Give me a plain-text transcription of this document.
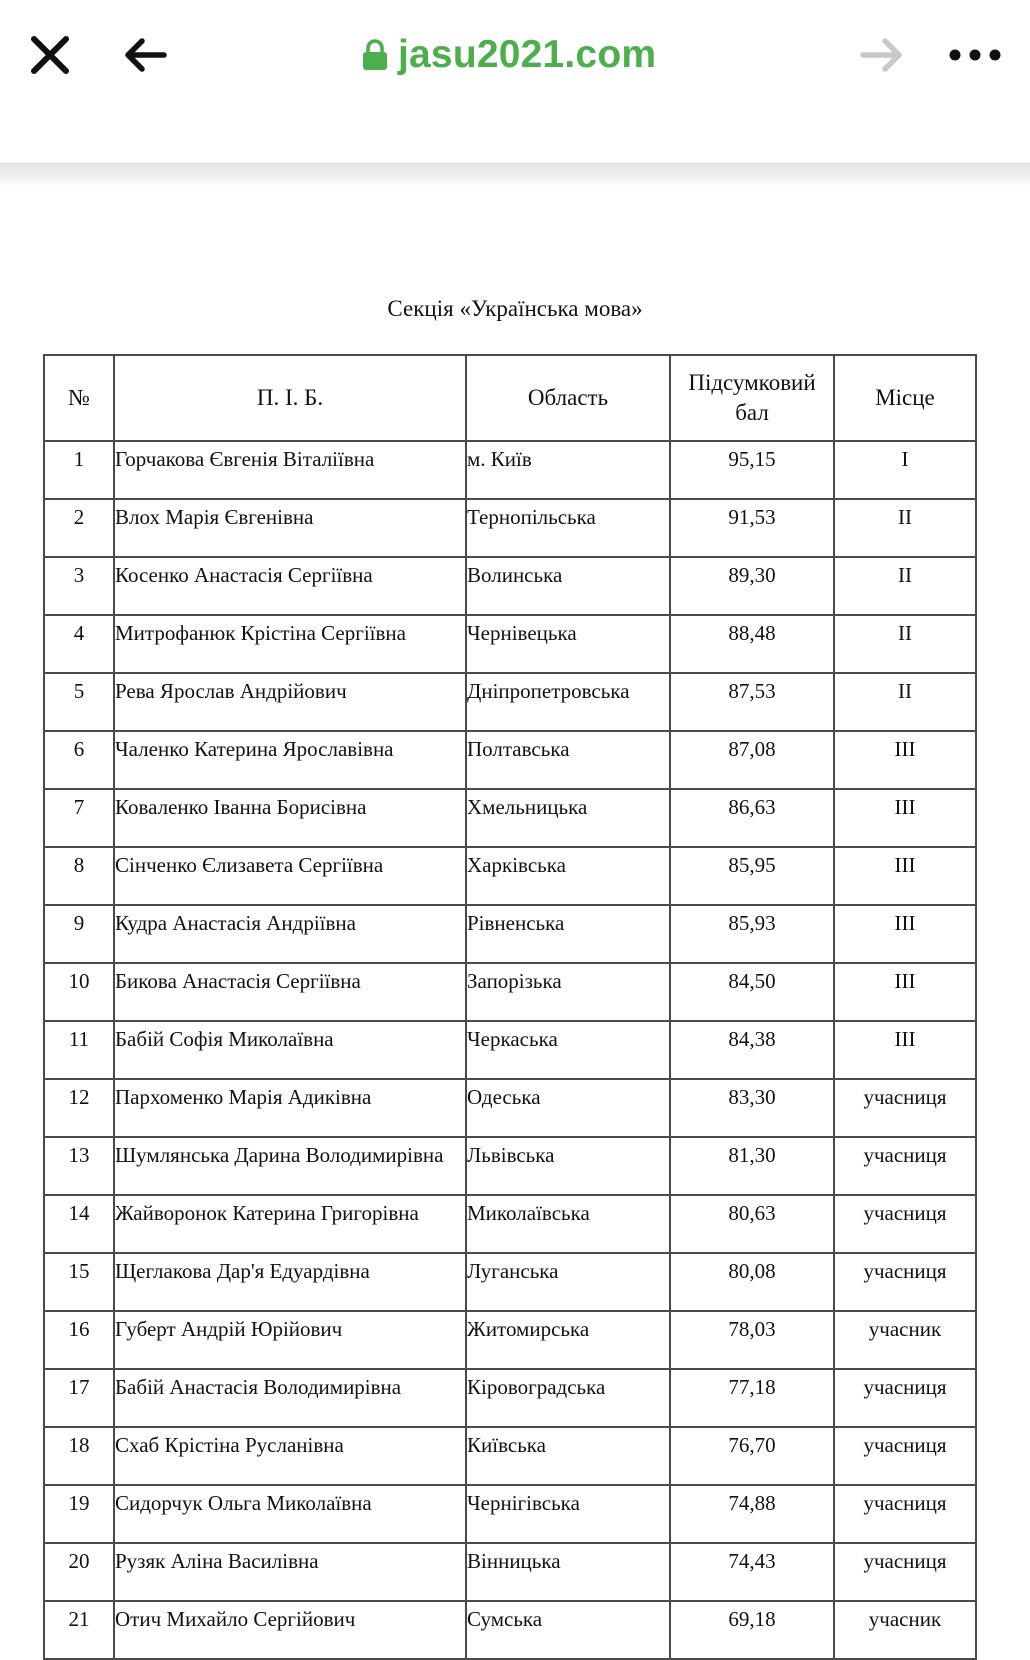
jasu2021.com
Секція «Українська мова»
№	П. І. Б.	Область	Підсумковий бал	Місце
1	Горчакова Євгенія Віталіївна	м. Київ	95,15	І
2	Влох Марія Євгенівна	Тернопільська	91,53	ІІ
3	Косенко Анастасія Сергіївна	Волинська	89,30	ІІ
4	Митрофанюк Крістіна Сергіївна	Чернівецька	88,48	ІІ
5	Рева Ярослав Андрійович	Дніпропетровська	87,53	ІІ
6	Чаленко Катерина Ярославівна	Полтавська	87,08	ІІІ
7	Коваленко Іванна Борисівна	Хмельницька	86,63	ІІІ
8	Сінченко Єлизавета Сергіївна	Харківська	85,95	ІІІ
9	Кудра Анастасія Андріївна	Рівненська	85,93	ІІІ
10	Бикова Анастасія Сергіївна	Запорізька	84,50	ІІІ
11	Бабій Софія Миколаївна	Черкаська	84,38	ІІІ
12	Пархоменко Марія Адиківна	Одеська	83,30	учасниця
13	Шумлянська Дарина Володимирівна	Львівська	81,30	учасниця
14	Жайворонок Катерина Григорівна	Миколаївська	80,63	учасниця
15	Щеглакова Дар'я Едуардівна	Луганська	80,08	учасниця
16	Губерт Андрій Юрійович	Житомирська	78,03	учасник
17	Бабій Анастасія Володимирівна	Кіровоградська	77,18	учасниця
18	Схаб Крістіна Русланівна	Київська	76,70	учасниця
19	Сидорчук Ольга Миколаївна	Чернігівська	74,88	учасниця
20	Рузяк Аліна Василівна	Вінницька	74,43	учасниця
21	Отич Михайло Сергійович	Сумська	69,18	учасник
